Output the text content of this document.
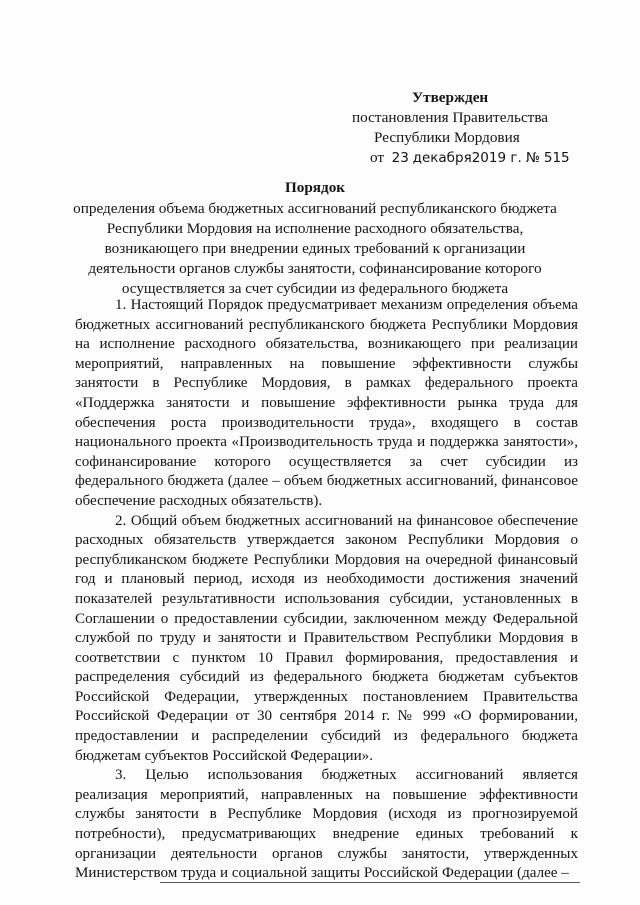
Утвержден
постановления Правительства
Республики Мордовия
от 23 декабря2019 г. № 515
Порядок
определения объема бюджетных ассигнований республиканского бюджета
Республики Мордовия на исполнение расходного обязательства,
возникающего при внедрении единых требований к организации
деятельности органов службы занятости, софинансирование которого
осуществляется за счет субсидии из федерального бюджета

1. Настоящий Порядок предусматривает механизм определения объема бюджетных ассигнований республиканского бюджета Республики Мордовия на исполнение расходного обязательства, возникающего при реализации мероприятий, направленных на повышение эффективности службы занятости в Республике Мордовия, в рамках федерального проекта «Поддержка занятости и повышение эффективности рынка труда для обеспечения роста производительности труда», входящего в состав национального проекта «Производительность труда и поддержка занятости», софинансирование которого осуществляется за счет субсидии из федерального бюджета (далее – объем бюджетных ассигнований, финансовое обеспечение расходных обязательств).

2. Общий объем бюджетных ассигнований на финансовое обеспечение расходных обязательств утверждается законом Республики Мордовия о республиканском бюджете Республики Мордовия на очередной финансовый год и плановый период, исходя из необходимости достижения значений показателей результативности использования субсидии, установленных в Соглашении о предоставлении субсидии, заключенном между Федеральной службой по труду и занятости и Правительством Республики Мордовия в соответствии с пунктом 10 Правил формирования, предоставления и распределения субсидий из федерального бюджета бюджетам субъектов Российской Федерации, утвержденных постановлением Правительства Российской Федерации от 30 сентября 2014 г. № 999 «О формировании, предоставлении и распределении субсидий из федерального бюджета бюджетам субъектов Российской Федерации».

3. Целью использования бюджетных ассигнований является реализация мероприятий, направленных на повышение эффективности службы занятости в Республике Мордовия (исходя из прогнозируемой потребности), предусматривающих внедрение единых требований к организации деятельности органов службы занятости, утвержденных Министерством труда и социальной защиты Российской Федерации (далее –
